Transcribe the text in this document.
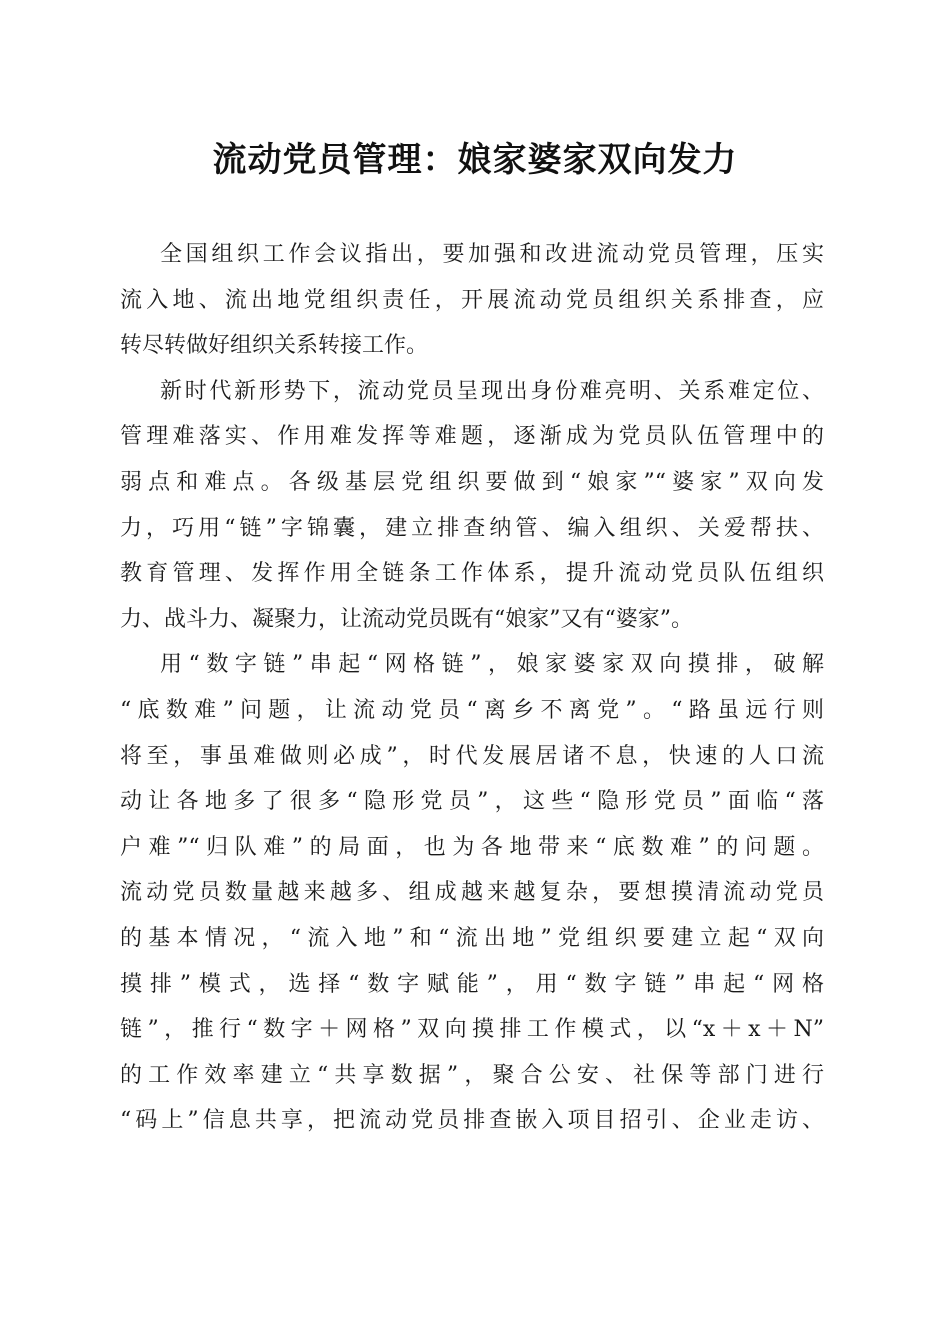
流动党员管理：娘家婆家双向发力
全国组织工作会议指出，要加强和改进流动党员管理，压实
流入地、流出地党组织责任，开展流动党员组织关系排查，应
转尽转做好组织关系转接工作。
新时代新形势下，流动党员呈现出身份难亮明、关系难定位、
管理难落实、作用难发挥等难题，逐渐成为党员队伍管理中的
弱点和难点。各级基层党组织要做到“娘家”“婆家”双向发
力，巧用“链”字锦囊，建立排查纳管、编入组织、关爱帮扶、
教育管理、发挥作用全链条工作体系，提升流动党员队伍组织
力、战斗力、凝聚力，让流动党员既有“娘家”又有“婆家”。
用“数字链”串起“网格链”，娘家婆家双向摸排，破解
“底数难”问题，让流动党员“离乡不离党”。“路虽远行则
将至，事虽难做则必成”，时代发展居诸不息，快速的人口流
动让各地多了很多“隐形党员”，这些“隐形党员”面临“落
户难”“归队难”的局面，也为各地带来“底数难”的问题。
流动党员数量越来越多、组成越来越复杂，要想摸清流动党员
的基本情况，“流入地”和“流出地”党组织要建立起“双向
摸排”模式，选择“数字赋能”，用“数字链”串起“网格
链”，推行“数字＋网格”双向摸排工作模式，以“x＋x＋N”
的工作效率建立“共享数据”，聚合公安、社保等部门进行
“码上”信息共享，把流动党员排查嵌入项目招引、企业走访、
